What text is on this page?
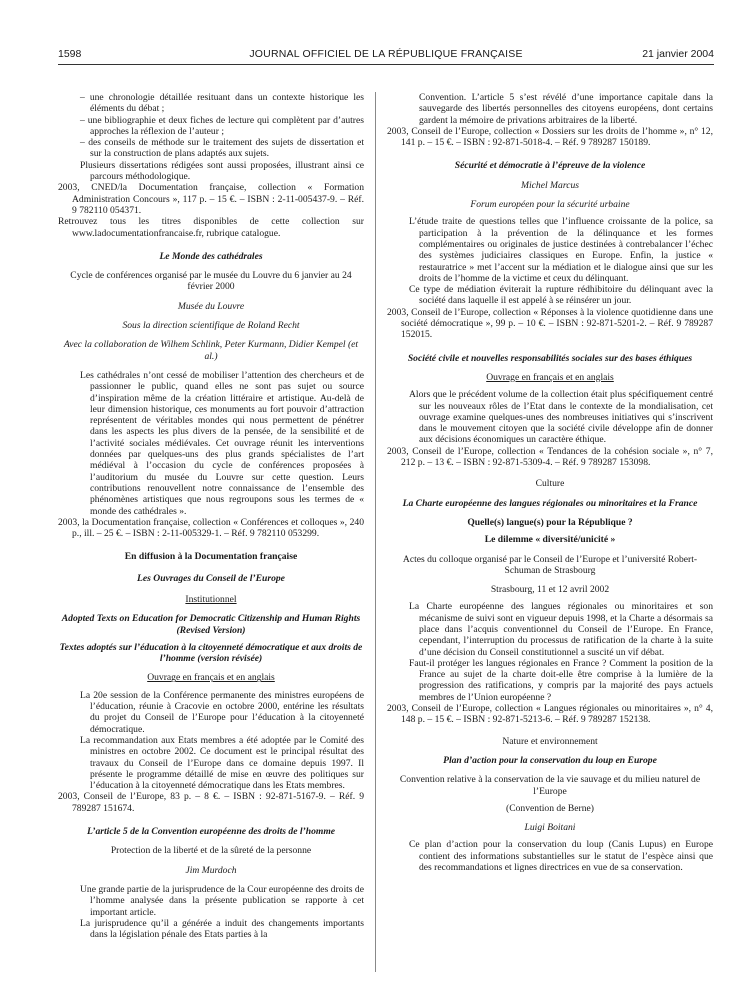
1598	JOURNAL OFFICIEL DE LA RÉPUBLIQUE FRANÇAISE	21 janvier 2004

– une chronologie détaillée resituant dans un contexte historique les éléments du débat ;

– une bibliographie et deux fiches de lecture qui complètent par d’autres approches la réflexion de l’auteur ;

– des conseils de méthode sur le traitement des sujets de dissertation et sur la construction de plans adaptés aux sujets.

Plusieurs dissertations rédigées sont aussi proposées, illustrant ainsi ce parcours méthodologique.

2003, CNED/la Documentation française, collection « Formation Administration Concours », 117 p. – 15 €. – ISBN : 2-11-005437-9. – Réf. 9 782110 054371.

Retrouvez tous les titres disponibles de cette collection sur www.ladocumentationfrancaise.fr, rubrique catalogue.

Le Monde des cathédrales

Cycle de conférences organisé par le musée du Louvre du 6 janvier au 24 février 2000

Musée du Louvre

Sous la direction scientifique de Roland Recht

Avec la collaboration de Wilhem Schlink, Peter Kurmann, Didier Kempel (et al.)

Les cathédrales n’ont cessé de mobiliser l’attention des chercheurs et de passionner le public, quand elles ne sont pas sujet ou source d’inspiration même de la création littéraire et artistique. Au-delà de leur dimension historique, ces monuments au fort pouvoir d’attraction représentent de véritables mondes qui nous permettent de pénétrer dans les aspects les plus divers de la pensée, de la sensibilité et de l’activité sociales médiévales. Cet ouvrage réunit les interventions données par quelques-uns des plus grands spécialistes de l’art médiéval à l’occasion du cycle de conférences proposées à l’auditorium du musée du Louvre sur cette question. Leurs contributions renouvellent notre connaissance de l’ensemble des phénomènes artistiques que nous regroupons sous les termes de « monde des cathédrales ».

2003, la Documentation française, collection « Conférences et colloques », 240 p., ill. – 25 €. – ISBN : 2-11-005329-1. – Réf. 9 782110 053299.

En diffusion à la Documentation française

Les Ouvrages du Conseil de l’Europe

Institutionnel

Adopted Texts on Education for Democratic Citizenship and Human Rights (Revised Version)

Textes adoptés sur l’éducation à la citoyenneté démocratique et aux droits de l’homme (version révisée)

Ouvrage en français et en anglais

La 20e session de la Conférence permanente des ministres européens de l’éducation, réunie à Cracovie en octobre 2000, entérine les résultats du projet du Conseil de l’Europe pour l’éducation à la citoyenneté démocratique.

La recommandation aux Etats membres a été adoptée par le Comité des ministres en octobre 2002. Ce document est le principal résultat des travaux du Conseil de l’Europe dans ce domaine depuis 1997. Il présente le programme détaillé de mise en œuvre des politiques sur l’éducation à la citoyenneté démocratique dans les Etats membres.

2003, Conseil de l’Europe, 83 p. – 8 €. – ISBN : 92-871-5167-9. – Réf. 9 789287 151674.

L’article 5 de la Convention européenne des droits de l’homme

Protection de la liberté et de la sûreté de la personne

Jim Murdoch

Une grande partie de la jurisprudence de la Cour européenne des droits de l’homme analysée dans la présente publication se rapporte à cet important article.

La jurisprudence qu’il a générée a induit des changements importants dans la législation pénale des Etats parties à la

Convention. L’article 5 s’est révélé d’une importance capitale dans la sauvegarde des libertés personnelles des citoyens européens, dont certains gardent la mémoire de privations arbitraires de la liberté.

2003, Conseil de l’Europe, collection « Dossiers sur les droits de l’homme », n° 12, 141 p. – 15 €. – ISBN : 92-871-5018-4. – Réf. 9 789287 150189.

Sécurité et démocratie à l’épreuve de la violence

Michel Marcus

Forum européen pour la sécurité urbaine

L’étude traite de questions telles que l’influence croissante de la police, sa participation à la prévention de la délinquance et les formes complémentaires ou originales de justice destinées à contrebalancer l’échec des systèmes judiciaires classiques en Europe. Enfin, la justice « restauratrice » met l’accent sur la médiation et le dialogue ainsi que sur les droits de l’homme de la victime et ceux du délinquant.

Ce type de médiation éviterait la rupture rédhibitoire du délinquant avec la société dans laquelle il est appelé à se réinsérer un jour.

2003, Conseil de l’Europe, collection « Réponses à la violence quotidienne dans une société démocratique », 99 p. – 10 €. – ISBN : 92-871-5201-2. – Réf. 9 789287 152015.

Société civile et nouvelles responsabilités sociales sur des bases éthiques

Ouvrage en français et en anglais

Alors que le précédent volume de la collection était plus spécifiquement centré sur les nouveaux rôles de l’Etat dans le contexte de la mondialisation, cet ouvrage examine quelques-unes des nombreuses initiatives qui s’inscrivent dans le mouvement citoyen que la société civile développe afin de donner aux décisions économiques un caractère éthique.

2003, Conseil de l’Europe, collection « Tendances de la cohésion sociale », n° 7, 212 p. – 13 €. – ISBN : 92-871-5309-4. – Réf. 9 789287 153098.

Culture

La Charte européenne des langues régionales ou minoritaires et la France

Quelle(s) langue(s) pour la République ?

Le dilemme « diversité/unicité »

Actes du colloque organisé par le Conseil de l’Europe et l’université Robert-Schuman de Strasbourg

Strasbourg, 11 et 12 avril 2002

La Charte européenne des langues régionales ou minoritaires et son mécanisme de suivi sont en vigueur depuis 1998, et la Charte a désormais sa place dans l’acquis conventionnel du Conseil de l’Europe. En France, cependant, l’interruption du processus de ratification de la charte à la suite d’une décision du Conseil constitutionnel a suscité un vif débat.

Faut-il protéger les langues régionales en France ? Comment la position de la France au sujet de la charte doit-elle être comprise à la lumière de la progression des ratifications, y compris par la majorité des pays actuels membres de l’Union européenne ?

2003, Conseil de l’Europe, collection « Langues régionales ou minoritaires », n° 4, 148 p. – 15 €. – ISBN : 92-871-5213-6. – Réf. 9 789287 152138.

Nature et environnement

Plan d’action pour la conservation du loup en Europe

Convention relative à la conservation de la vie sauvage et du milieu naturel de l’Europe

(Convention de Berne)

Luigi Boitani

Ce plan d’action pour la conservation du loup (Canis Lupus) en Europe contient des informations substantielles sur le statut de l’espèce ainsi que des recommandations et lignes directrices en vue de sa conservation.
